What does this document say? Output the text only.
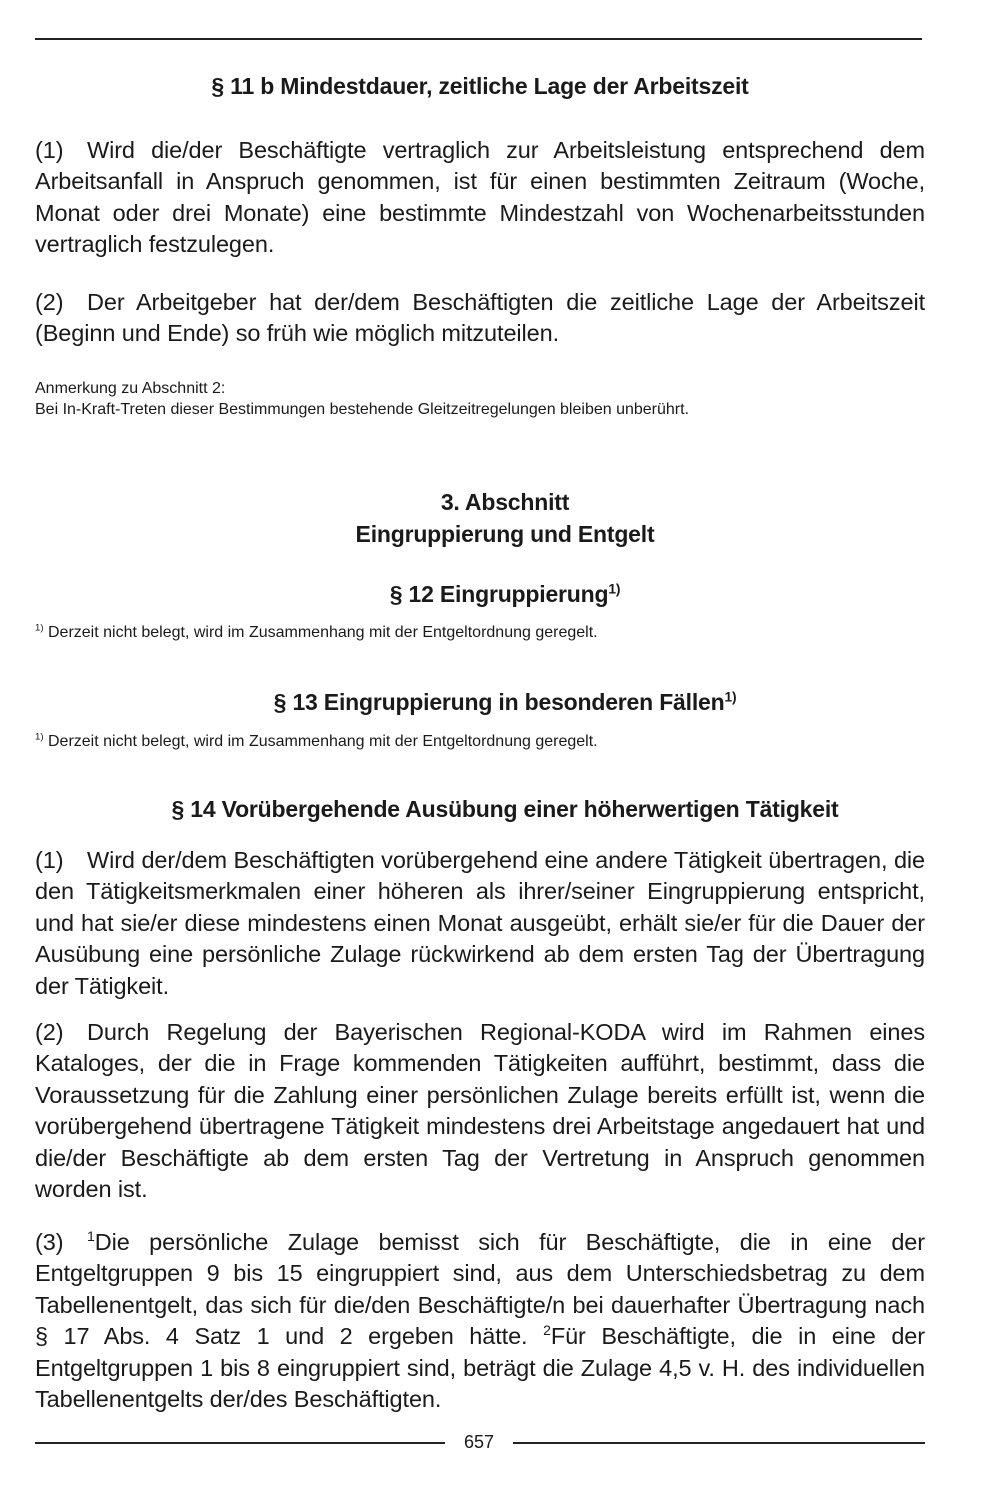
§ 11 b Mindestdauer, zeitliche Lage der Arbeitszeit

(1) Wird die/der Beschäftigte vertraglich zur Arbeitsleistung entsprechend dem Arbeitsanfall in Anspruch genommen, ist für einen bestimmten Zeitraum (Woche, Monat oder drei Monate) eine bestimmte Mindestzahl von Wochenarbeitsstunden vertraglich festzulegen.

(2) Der Arbeitgeber hat der/dem Beschäftigten die zeitliche Lage der Arbeitszeit (Beginn und Ende) so früh wie möglich mitzuteilen.

Anmerkung zu Abschnitt 2:

Bei In-Kraft-Treten dieser Bestimmungen bestehende Gleitzeitregelungen bleiben unberührt.

3. Abschnitt

Eingruppierung und Entgelt

§ 12 Eingruppierung$^{1)}$

$^{1)}$ Derzeit nicht belegt, wird im Zusammenhang mit der Entgeltordnung geregelt.

§ 13 Eingruppierung in besonderen Fällen$^{1)}$

$^{1)}$ Derzeit nicht belegt, wird im Zusammenhang mit der Entgeltordnung geregelt.

§ 14 Vorübergehende Ausübung einer höherwertigen Tätigkeit

(1) Wird der/dem Beschäftigten vorübergehend eine andere Tätigkeit übertragen, die den Tätigkeitsmerkmalen einer höheren als ihrer/seiner Eingruppierung entspricht, und hat sie/er diese mindestens einen Monat ausgeübt, erhält sie/er für die Dauer der Ausübung eine persönliche Zulage rückwirkend ab dem ersten Tag der Übertragung der Tätigkeit.

(2) Durch Regelung der Bayerischen Regional-KODA wird im Rahmen eines Kataloges, der die in Frage kommenden Tätigkeiten aufführt, bestimmt, dass die Voraussetzung für die Zahlung einer persönlichen Zulage bereits erfüllt ist, wenn die vorübergehend übertragene Tätigkeit mindestens drei Arbeitstage angedauert hat und die/der Beschäftigte ab dem ersten Tag der Vertretung in Anspruch genommen worden ist.

(3) $^1$Die persönliche Zulage bemisst sich für Beschäftigte, die in eine der Entgeltgruppen 9 bis 15 eingruppiert sind, aus dem Unterschiedsbetrag zu dem Tabellenentgelt, das sich für die/den Beschäftigte/n bei dauerhafter Übertragung nach § 17 Abs. 4 Satz 1 und 2 ergeben hätte. $^2$Für Beschäftigte, die in eine der Entgeltgruppen 1 bis 8 eingruppiert sind, beträgt die Zulage 4,5 v. H. des individuellen Tabellenentgelts der/des Beschäftigten.

657
